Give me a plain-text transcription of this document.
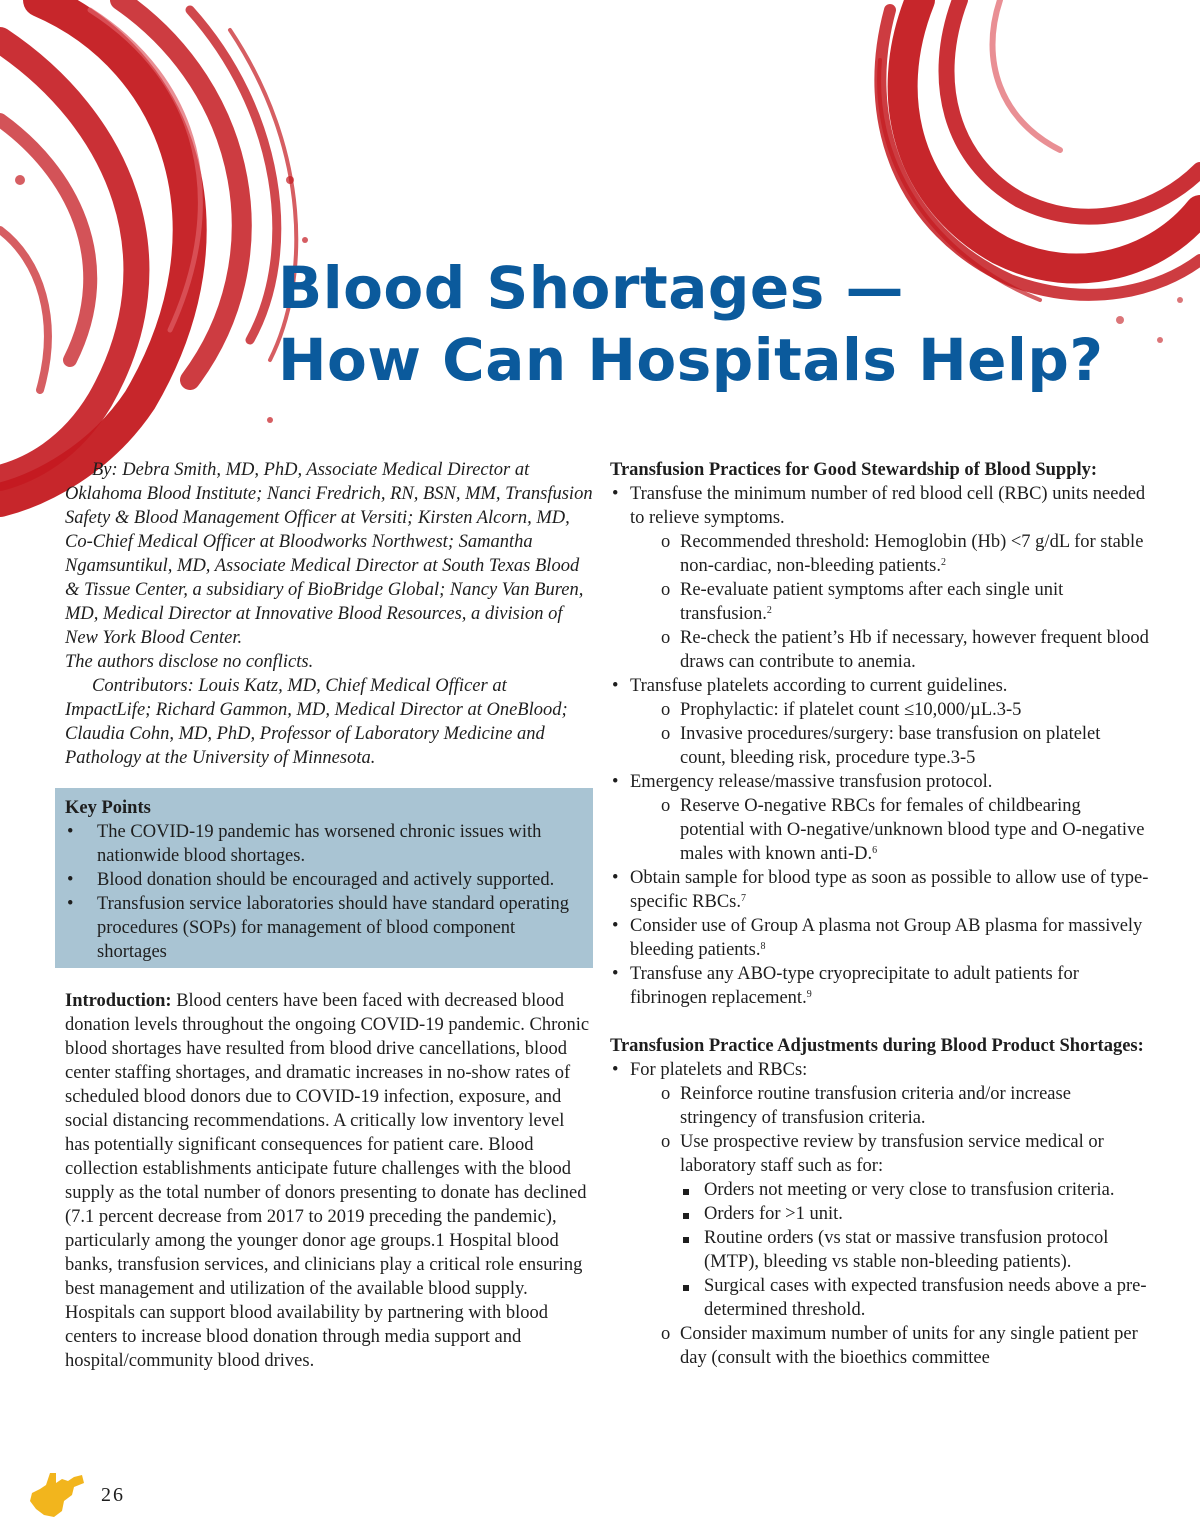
Blood Shortages —
How Can Hospitals Help?

By: Debra Smith, MD, PhD, Associate Medical Director at Oklahoma Blood Institute; Nanci Fredrich, RN, BSN, MM, Transfusion Safety & Blood Management Officer at Versiti; Kirsten Alcorn, MD, Co-Chief Medical Officer at Bloodworks Northwest; Samantha Ngamsuntikul, MD, Associate Medical Director at South Texas Blood & Tissue Center, a subsidiary of BioBridge Global; Nancy Van Buren, MD, Medical Director at Innovative Blood Resources, a division of New York Blood Center.

The authors disclose no conflicts.

Contributors: Louis Katz, MD, Chief Medical Officer at ImpactLife; Richard Gammon, MD, Medical Director at OneBlood; Claudia Cohn, MD, PhD, Professor of Laboratory Medicine and Pathology at the University of Minnesota.

Key Points

• The COVID-19 pandemic has worsened chronic issues with nationwide blood shortages.
• Blood donation should be encouraged and actively supported.
• Transfusion service laboratories should have standard operating procedures (SOPs) for management of blood component shortages

Introduction: Blood centers have been faced with decreased blood donation levels throughout the ongoing COVID-19 pandemic. Chronic blood shortages have resulted from blood drive cancellations, blood center staffing shortages, and dramatic increases in no-show rates of scheduled blood donors due to COVID-19 infection, exposure, and social distancing recommendations. A critically low inventory level has potentially significant consequences for patient care. Blood collection establishments anticipate future challenges with the blood supply as the total number of donors presenting to donate has declined (7.1 percent decrease from 2017 to 2019 preceding the pandemic), particularly among the younger donor age groups.1 Hospital blood banks, transfusion services, and clinicians play a critical role ensuring best management and utilization of the available blood supply. Hospitals can support blood availability by partnering with blood centers to increase blood donation through media support and hospital/community blood drives.

Transfusion Practices for Good Stewardship of Blood Supply:
• Transfuse the minimum number of red blood cell (RBC) units needed to relieve symptoms.
o Recommended threshold: Hemoglobin (Hb) <7 g/dL for stable non-cardiac, non-bleeding patients.$^2$
o Re-evaluate patient symptoms after each single unit transfusion.$^2$
o Re-check the patient’s Hb if necessary, however frequent blood draws can contribute to anemia.
• Transfuse platelets according to current guidelines.
o Prophylactic: if platelet count ≤10,000/µL.3-5
o Invasive procedures/surgery: base transfusion on platelet count, bleeding risk, procedure type.3-5
• Emergency release/massive transfusion protocol.
o Reserve O-negative RBCs for females of childbearing potential with O-negative/unknown blood type and O-negative males with known anti-D.$^6$
• Obtain sample for blood type as soon as possible to allow use of type-specific RBCs.$^7$
• Consider use of Group A plasma not Group AB plasma for massively bleeding patients.$^8$
• Transfuse any ABO-type cryoprecipitate to adult patients for fibrinogen replacement.$^9$
Transfusion Practice Adjustments during Blood Product Shortages:
• For platelets and RBCs:
o Reinforce routine transfusion criteria and/or increase stringency of transfusion criteria.
o Use prospective review by transfusion service medical or laboratory staff such as for:
Orders not meeting or very close to transfusion criteria.
Orders for >1 unit.
Routine orders (vs stat or massive transfusion protocol (MTP), bleeding vs stable non-bleeding patients).
Surgical cases with expected transfusion needs above a pre-determined threshold.
o Consider maximum number of units for any single patient per day (consult with the bioethics committee
26
